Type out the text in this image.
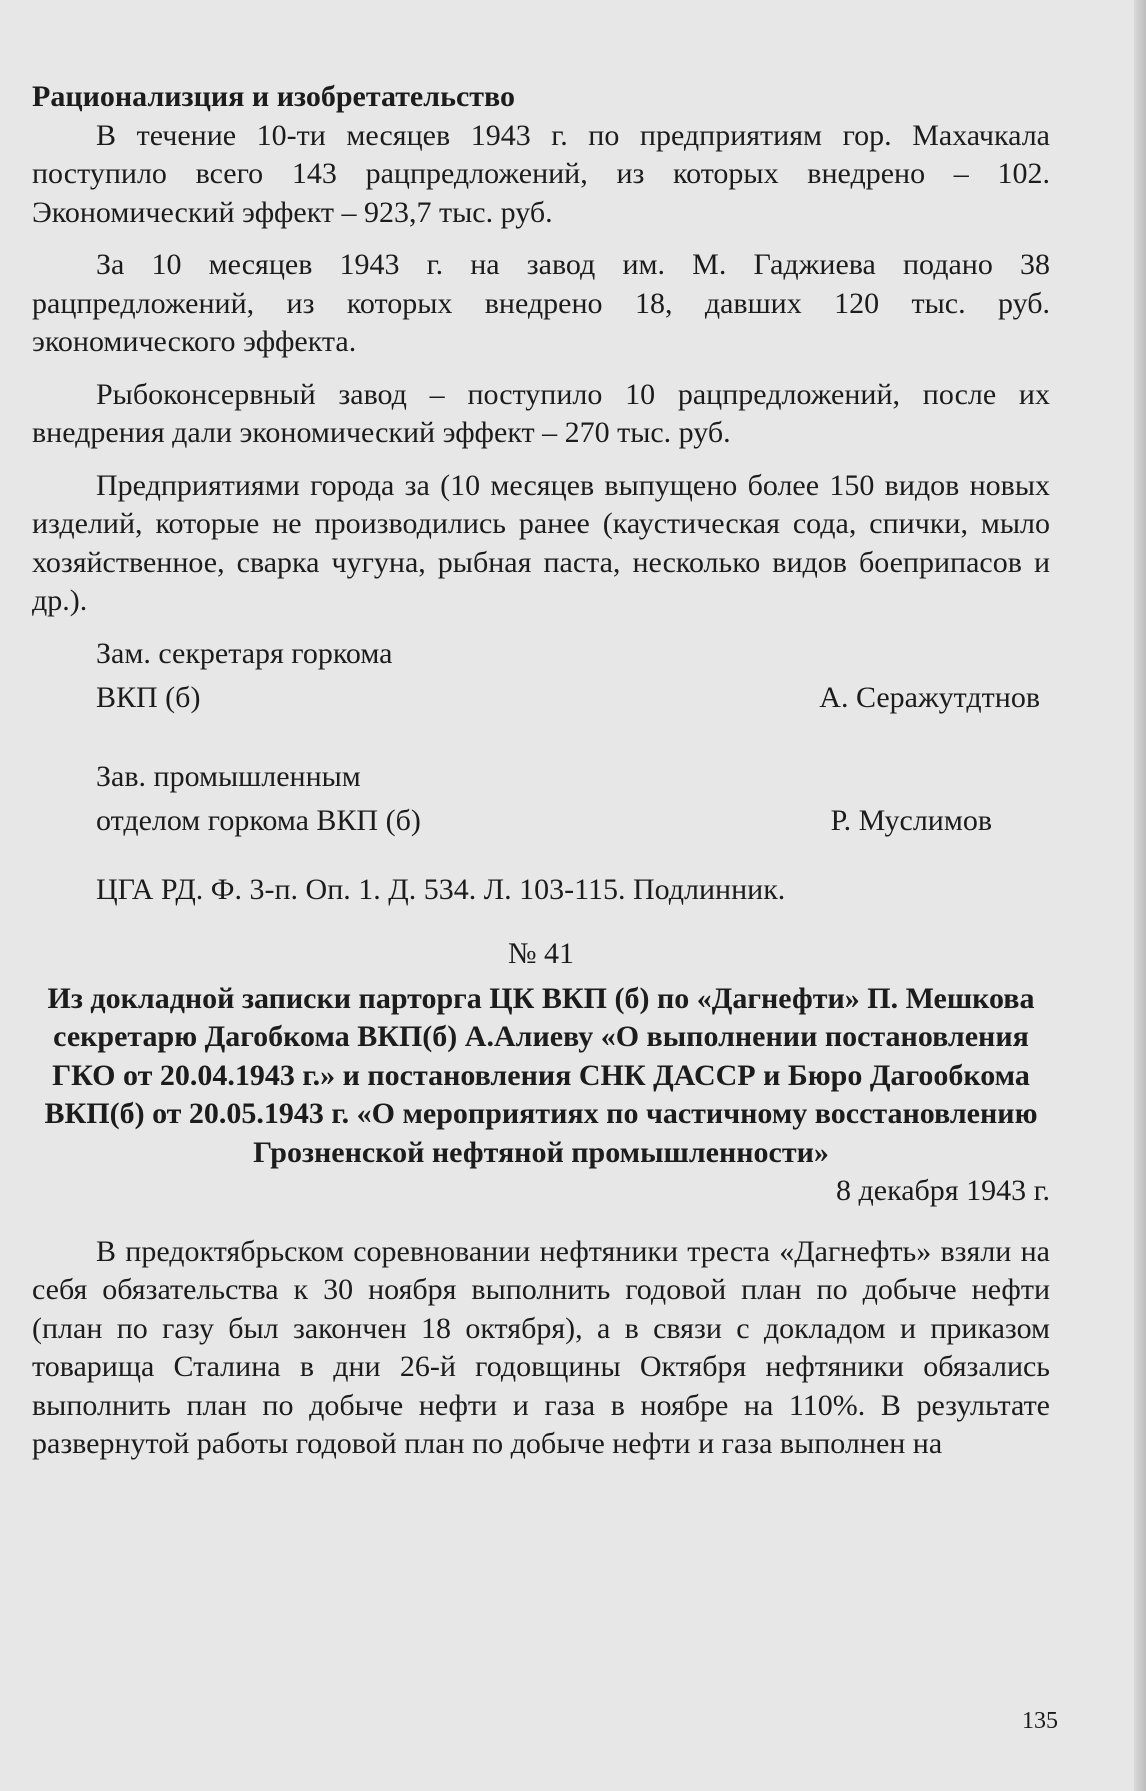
Рационализция и изобретательство

В течение 10-ти месяцев 1943 г. по предприятиям гор. Махачкала поступило всего 143 рацпредложений, из которых внедрено – 102. Экономический эффект – 923,7 тыс. руб.

За 10 месяцев 1943 г. на завод им. М. Гаджиева подано 38 рацпредложений, из которых внедрено 18, давших 120 тыс. руб. экономического эффекта.

Рыбоконсервный завод – поступило 10 рацпредложений, после их внедрения дали экономический эффект – 270 тыс. руб.

Предприятиями города за (10 месяцев выпущено более 150 видов новых изделий, которые не производились ранее (каустическая сода, спички, мыло хозяйственное, сварка чугуна, рыбная паста, несколько видов боеприпасов и др.).

Зам. секретаря горкома
ВКП (б)	А. Серажутдтнов
Зав. промышленным
отделом горкома ВКП (б)	Р. Муслимов

ЦГА РД. Ф. 3-п. Оп. 1. Д. 534. Л. 103-115. Подлинник.

№ 41

Из докладной записки парторга ЦК ВКП (б) по «Дагнефти» П. Мешкова секретарю Дагобкома ВКП(б) А.Алиеву «О выполнении постановления ГКО от 20.04.1943 г.» и постановления СНК ДАССР и Бюро Дагообкома ВКП(б) от 20.05.1943 г. «О мероприятиях по частичному восстановлению Грозненской нефтяной промышленности»

8 декабря 1943 г.

В предоктябрьском соревновании нефтяники треста «Дагнефть» взяли на себя обязательства к 30 ноября выполнить годовой план по добыче нефти (план по газу был закончен 18 октября), а в связи с докладом и приказом товарища Сталина в дни 26-й годовщины Октября нефтяники обязались выполнить план по добыче нефти и газа в ноябре на 110%. В результате развернутой работы годовой план по добыче нефти и газа выполнен на

135
